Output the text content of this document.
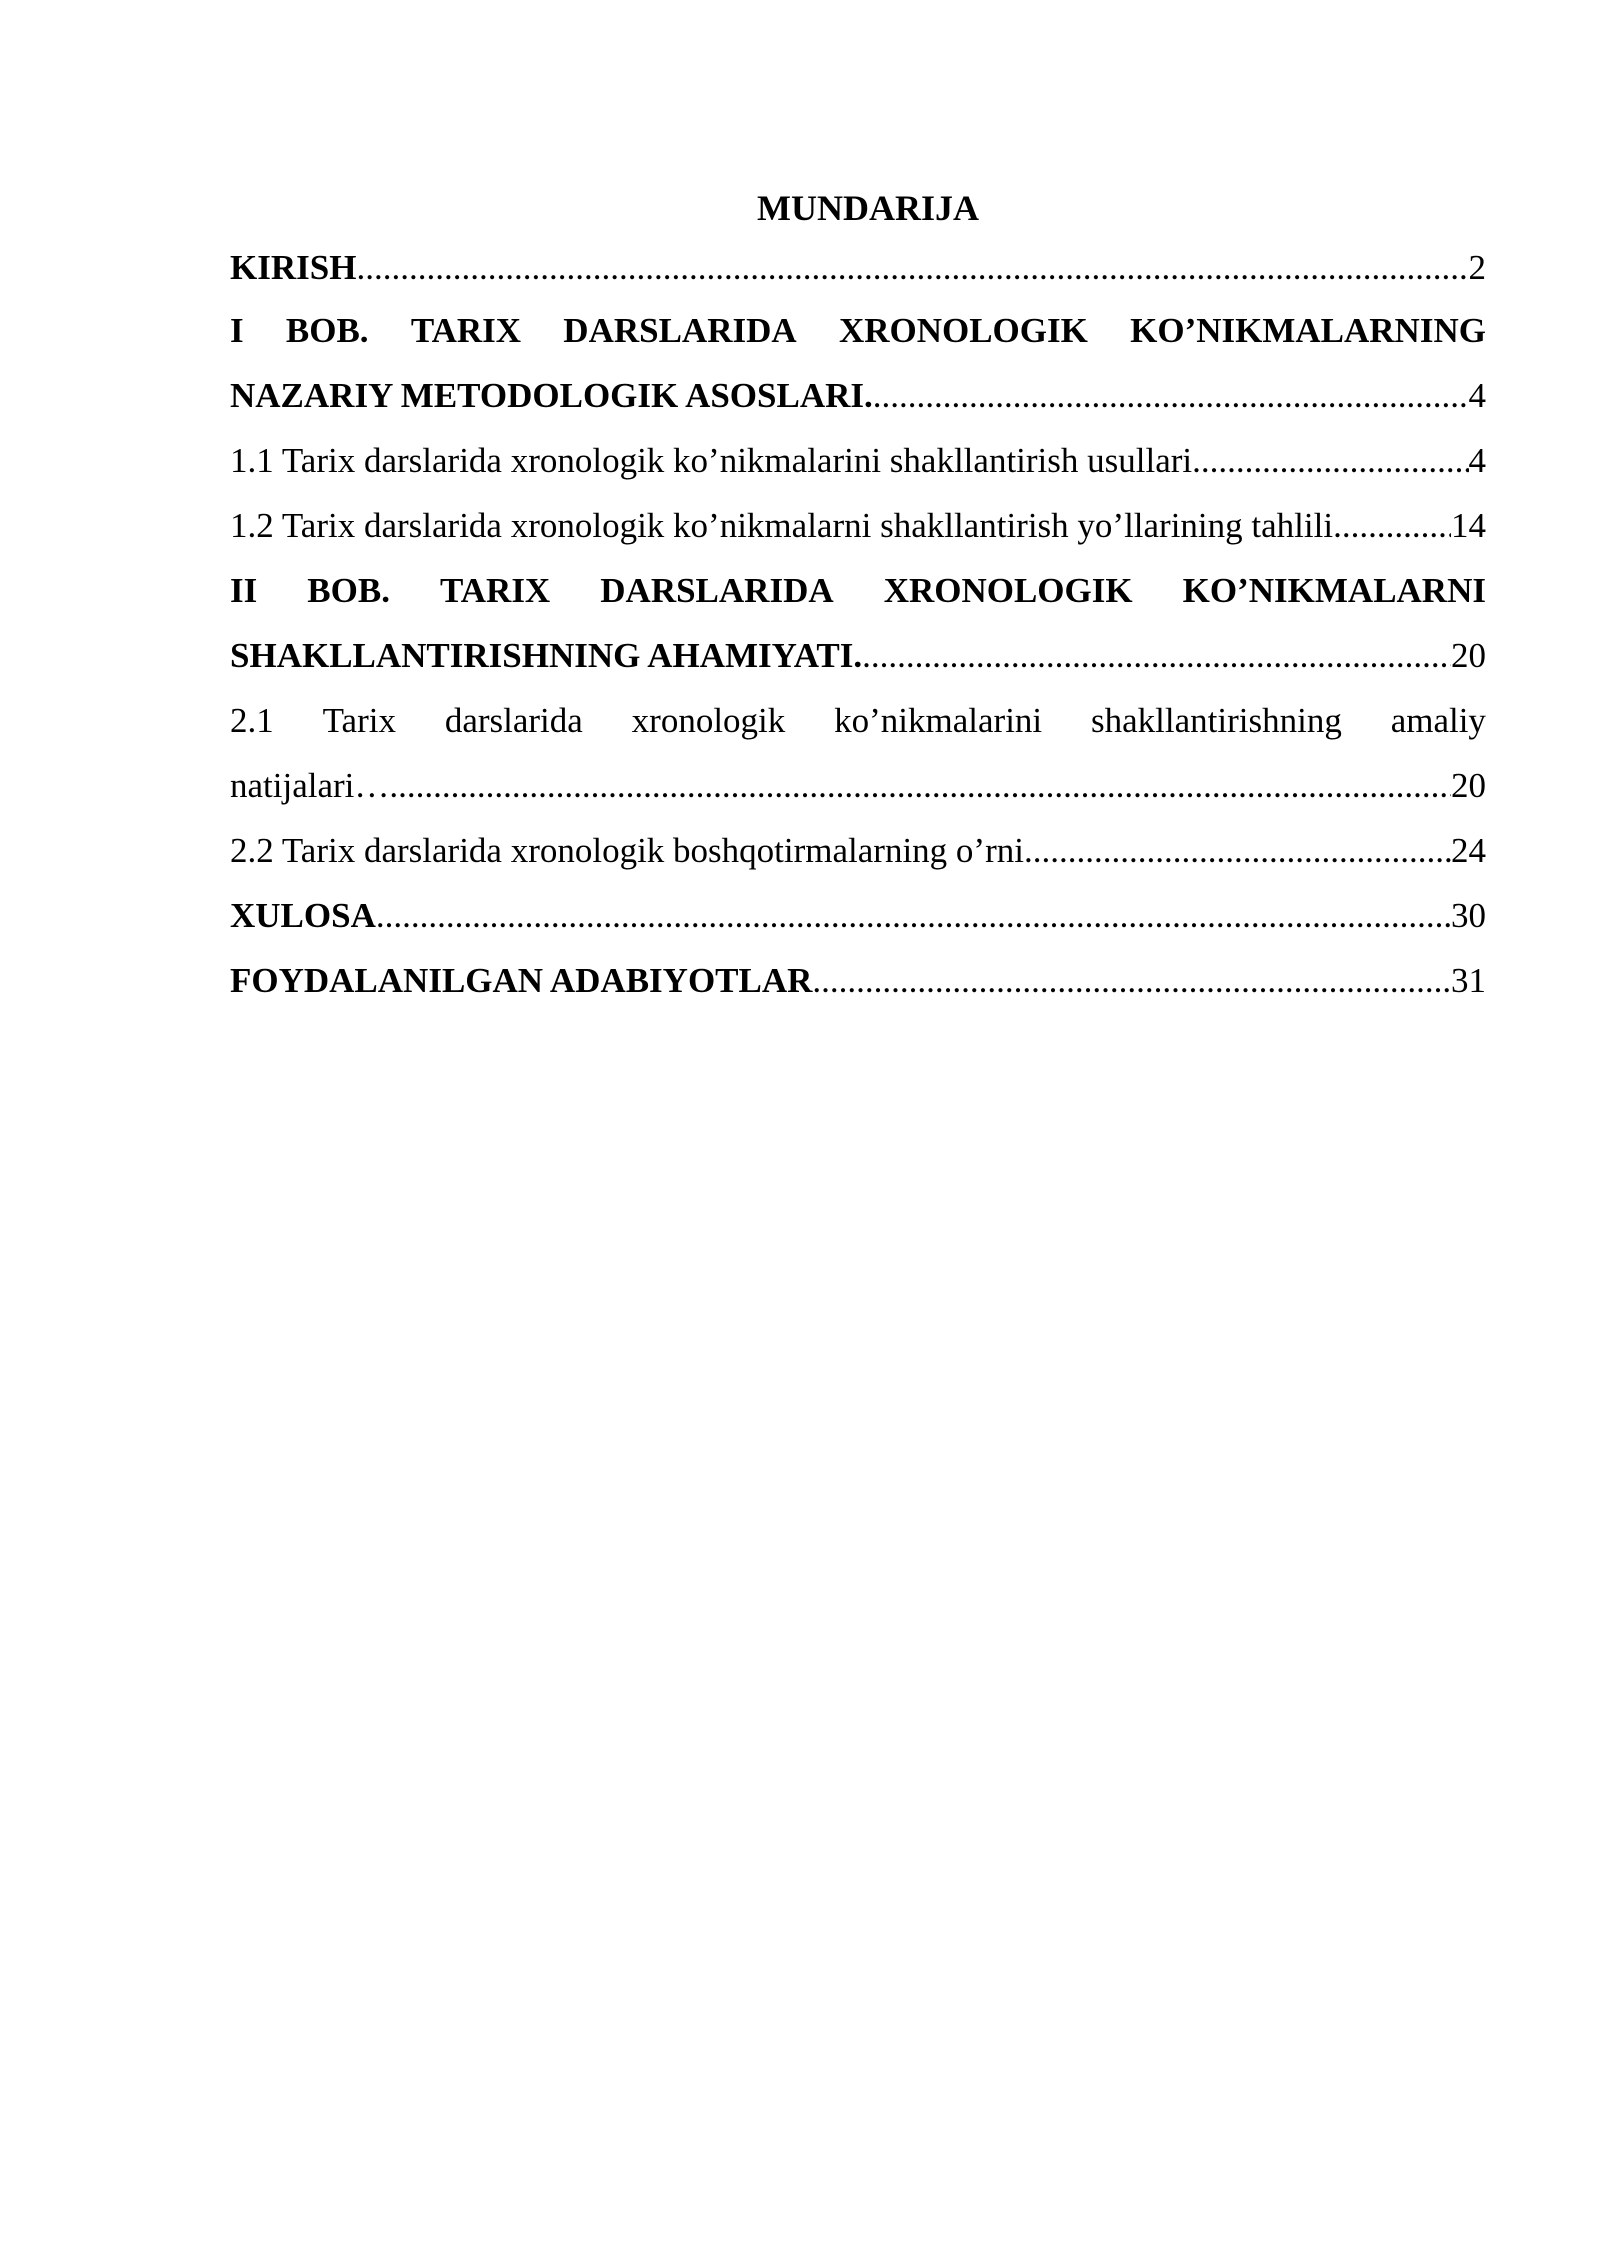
MUNDARIJA
KIRISH .....	2
I BOB. TARIX DARSLARIDA XRONOLOGIK KO’NIKMALARNING
NAZARIY METODOLOGIK ASOSLARI. .....	4
1.1 Tarix darslarida xronologik ko’nikmalarini shakllantirish usullari .....	4
1.2 Tarix darslarida xronologik ko’nikmalarni shakllantirish yo’llarining tahlili .....	14
II BOB. TARIX DARSLARIDA XRONOLOGIK KO’NIKMALARNI
SHAKLLANTIRISHNING AHAMIYATI. .....	20
2.1 Tarix darslarida xronologik ko’nikmalarini shakllantirishning amaliy
natijalari… .....	20
2.2 Tarix darslarida xronologik boshqotirmalarning o’rni .....	24
XULOSA .....	30
FOYDALANILGAN ADABIYOTLAR .....	31
